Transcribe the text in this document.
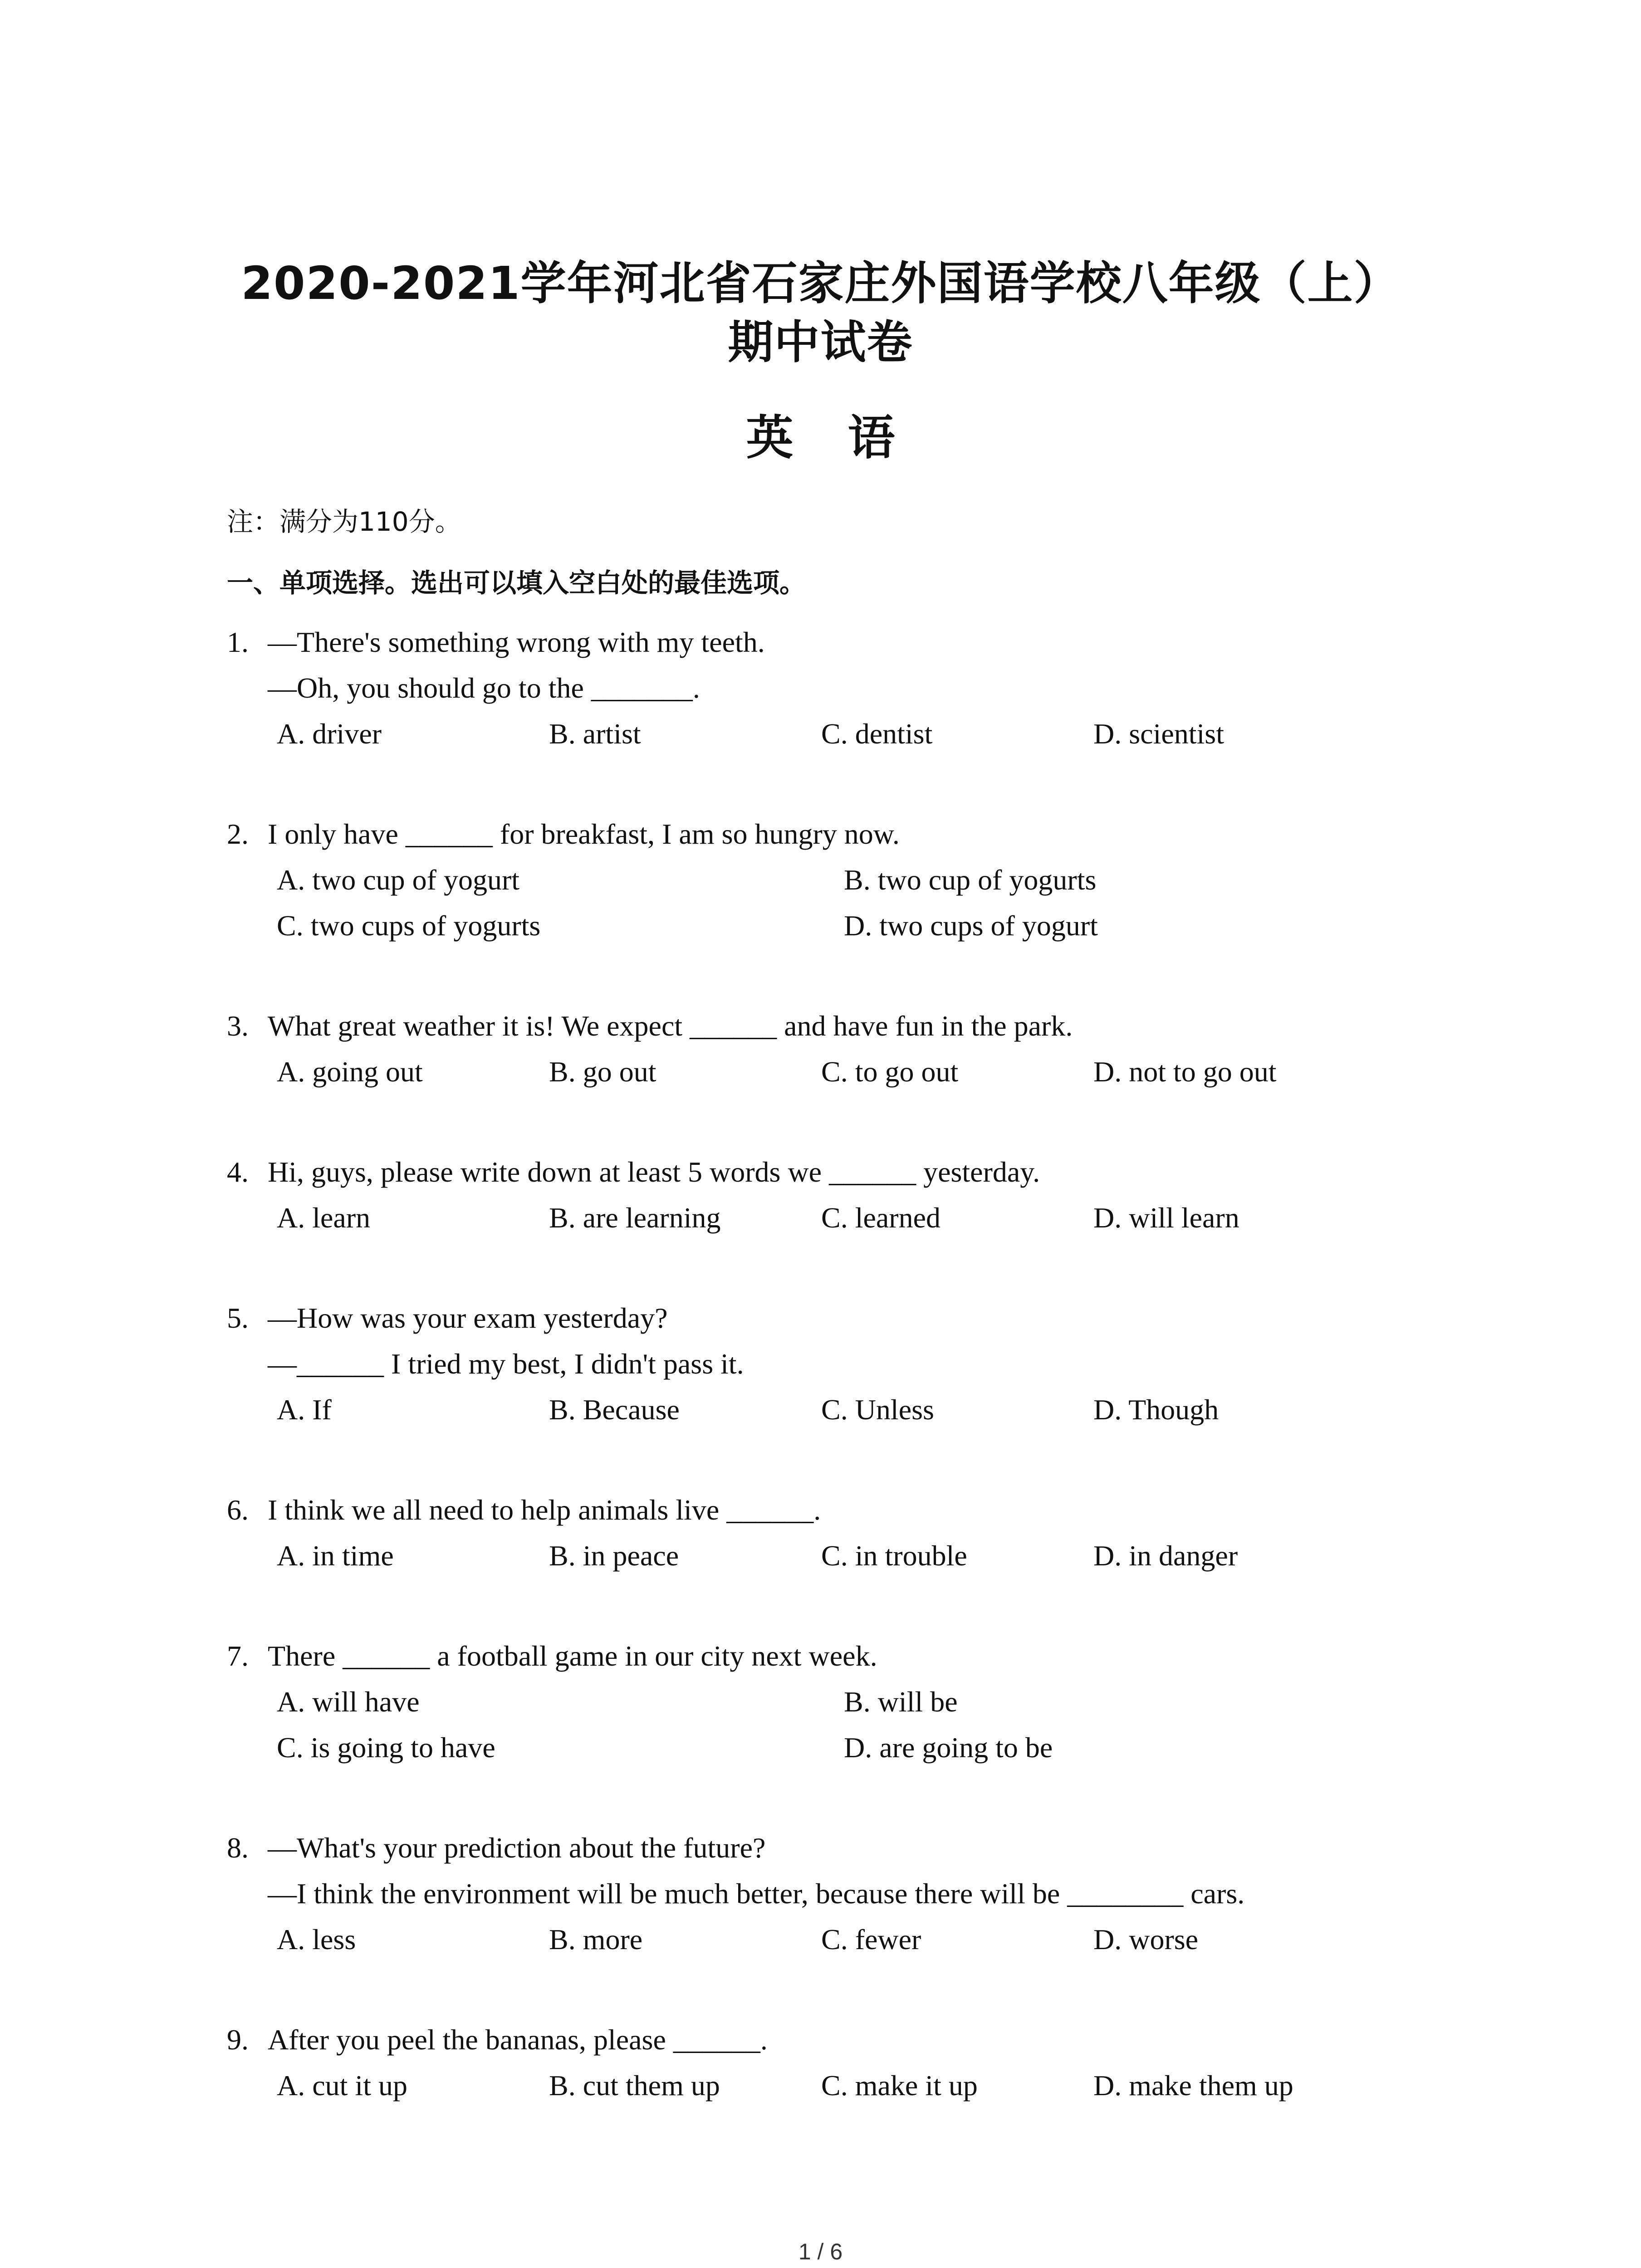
2020-2021学年河北省石家庄外国语学校八年级（上）
期中试卷
英语
注：满分为110分。
一、单项选择。选出可以填入空白处的最佳选项。
1. —There's something wrong with my teeth.
—Oh, you should go to the _______.
A. driver	B. artist	C. dentist	D. scientist
2. I only have ______ for breakfast, I am so hungry now.
A. two cup of yogurt	B. two cup of yogurts
C. two cups of yogurts	D. two cups of yogurt
3. What great weather it is! We expect ______ and have fun in the park.
A. going out	B. go out	C. to go out	D. not to go out
4. Hi, guys, please write down at least 5 words we ______ yesterday.
A. learn	B. are learning	C. learned	D. will learn
5. —How was your exam yesterday?
—______ I tried my best, I didn't pass it.
A. If	B. Because	C. Unless	D. Though
6. I think we all need to help animals live ______.
A. in time	B. in peace	C. in trouble	D. in danger
7. There ______ a football game in our city next week.
A. will have	B. will be
C. is going to have	D. are going to be
8. —What's your prediction about the future?
—I think the environment will be much better, because there will be ________ cars.
A. less	B. more	C. fewer	D. worse
9. After you peel the bananas, please ______.
A. cut it up	B. cut them up	C. make it up	D. make them up
1 / 6
